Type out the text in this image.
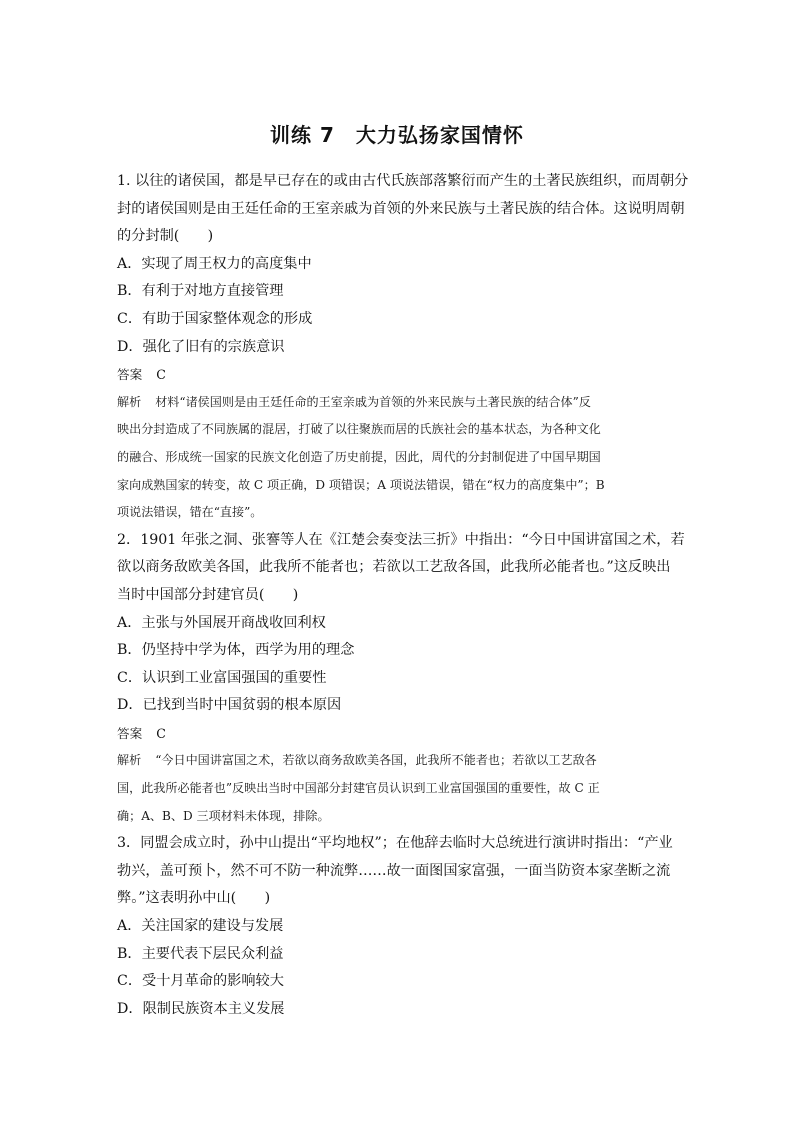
训练 7　大力弘扬家国情怀
1. 以往的诸侯国，都是早已存在的或由古代氏族部落繁衍而产生的土著民族组织，而周朝分
封的诸侯国则是由王廷任命的王室亲戚为首领的外来民族与土著民族的结合体。这说明周朝
的分封制(　　)
A．实现了周王权力的高度集中
B．有利于对地方直接管理
C．有助于国家整体观念的形成
D．强化了旧有的宗族意识
答案 C
解析 材料“诸侯国则是由王廷任命的王室亲戚为首领的外来民族与土著民族的结合体”反
映出分封造成了不同族属的混居，打破了以往聚族而居的氏族社会的基本状态，为各种文化
的融合、形成统一国家的民族文化创造了历史前提，因此，周代的分封制促进了中国早期国
家向成熟国家的转变，故 C 项正确，D 项错误；A 项说法错误，错在“权力的高度集中”；B
项说法错误，错在“直接”。
2．1901 年张之洞、张謇等人在《江楚会奏变法三折》中指出：“今日中国讲富国之术，若
欲以商务敌欧美各国，此我所不能者也；若欲以工艺敌各国，此我所必能者也。”这反映出
当时中国部分封建官员(　　)
A．主张与外国展开商战收回利权
B．仍坚持中学为体，西学为用的理念
C．认识到工业富国强国的重要性
D．已找到当时中国贫弱的根本原因
答案 C
解析 “今日中国讲富国之术，若欲以商务敌欧美各国，此我所不能者也；若欲以工艺敌各
国，此我所必能者也”反映出当时中国部分封建官员认识到工业富国强国的重要性，故 C 正
确；A、B、D 三项材料未体现，排除。
3．同盟会成立时，孙中山提出“平均地权”；在他辞去临时大总统进行演讲时指出：“产业
勃兴，盖可预卜，然不可不防一种流弊……故一面图国家富强，一面当防资本家垄断之流
弊。”这表明孙中山(　　)
A．关注国家的建设与发展
B．主要代表下层民众利益
C．受十月革命的影响较大
D．限制民族资本主义发展
